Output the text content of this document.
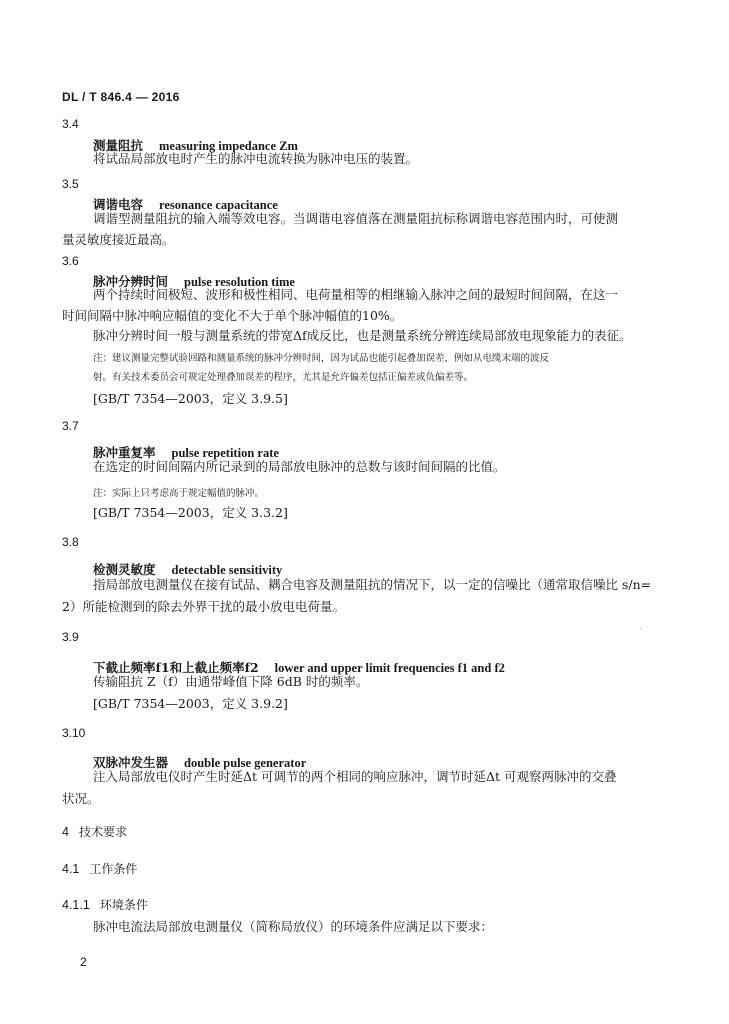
DL / T 846.4 — 2016
3.4
测量阻抗 measuring impedance Zm
将试品局部放电时产生的脉冲电流转换为脉冲电压的装置。
3.5
调谐电容 resonance capacitance
调谐型测量阻抗的输入端等效电容。当调谐电容值落在测量阻抗标称调谐电容范围内时，可使测
量灵敏度接近最高。
3.6
脉冲分辨时间 pulse resolution time
两个持续时间极短、波形和极性相同、电荷量相等的相继输入脉冲之间的最短时间间隔，在这一
时间间隔中脉冲响应幅值的变化不大于单个脉冲幅值的10%。
脉冲分辨时间一般与测量系统的带宽Δf成反比，也是测量系统分辨连续局部放电现象能力的表征。
注：建议测量完整试验回路和测量系统的脉冲分辨时间，因为试品也能引起叠加误差，例如从电缆末端的波反
射。有关技术委员会可规定处理叠加误差的程序，尤其是允许偏差包括正偏差或负偏差等。
[GB/T 7354—2003，定义 3.9.5]
3.7
脉冲重复率 pulse repetition rate
在选定的时间间隔内所记录到的局部放电脉冲的总数与该时间间隔的比值。
注：实际上只考虑高于规定幅值的脉冲。
[GB/T 7354—2003，定义 3.3.2]
3.8
检测灵敏度 detectable sensitivity
指局部放电测量仪在接有试品、耦合电容及测量阻抗的情况下，以一定的信噪比（通常取信噪比 s/n=
2）所能检测到的除去外界干扰的最小放电电荷量。
3.9
下截止频率f1和上截止频率f2 lower and upper limit frequencies f1 and f2
传输阻抗 Z（f）由通带峰值下降 6dB 时的频率。
[GB/T 7354—2003，定义 3.9.2]
3.10
双脉冲发生器 double pulse generator
注入局部放电仪时产生时延Δt 可调节的两个相同的响应脉冲，调节时延Δt 可观察两脉冲的交叠
状况。
4 技术要求
4.1 工作条件
4.1.1 环境条件
脉冲电流法局部放电测量仪（简称局放仪）的环境条件应满足以下要求：
·
2
